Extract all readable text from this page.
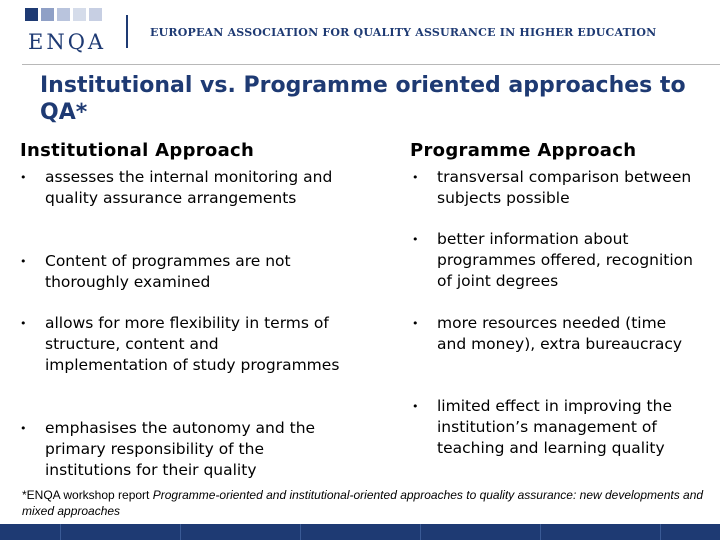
ENQA	EUROPEAN ASSOCIATION FOR QUALITY ASSURANCE IN HIGHER EDUCATION
Institutional vs. Programme oriented approaches to QA*
Institutional Approach
•	assesses the internal monitoring and quality assurance arrangements
•	Content of programmes are not thoroughly examined
•	allows for more flexibility in terms of structure, content and implementation of study programmes
•	emphasises the autonomy and the primary responsibility of the institutions for their quality
Programme Approach
•	transversal comparison between subjects possible
•	better information about programmes offered, recognition of joint degrees
•	more resources needed (time and money), extra bureaucracy
•	limited effect in improving the institution’s management of teaching and learning quality
*ENQA workshop report Programme-oriented and institutional-oriented approaches to quality assurance: new developments and mixed approaches
